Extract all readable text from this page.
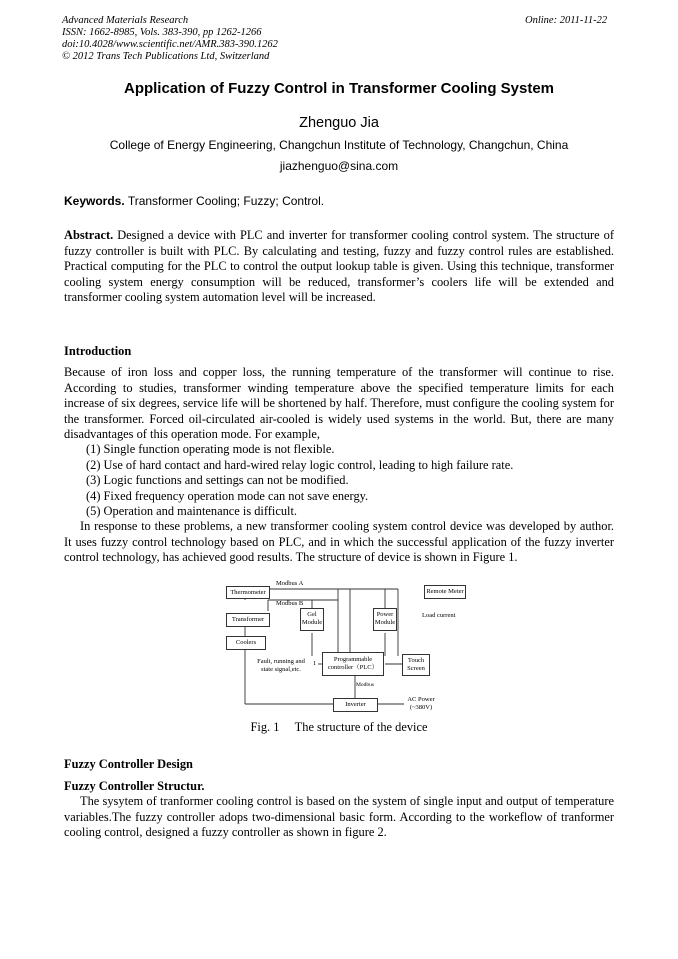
Advanced Materials Research
ISSN: 1662-8985, Vols. 383-390, pp 1262-1266
doi:10.4028/www.scientific.net/AMR.383-390.1262
© 2012 Trans Tech Publications Ltd, Switzerland
Online: 2011-11-22
Application of Fuzzy Control in Transformer Cooling System
Zhenguo Jia
College of Energy Engineering, Changchun Institute of Technology, Changchun, China
jiazhenguo@sina.com
Keywords. Transformer Cooling; Fuzzy; Control.
Abstract. Designed a device with PLC and inverter for transformer cooling control system. The structure of fuzzy controller is built with PLC. By calculating and testing, fuzzy and fuzzy control rules are established. Practical computing for the PLC to control the output lookup table is given. Using this technique, transformer cooling system energy consumption will be reduced, transformer’s coolers life will be extended and transformer cooling system automation level will be increased.
Introduction
Because of iron loss and copper loss, the running temperature of the transformer will continue to rise. According to studies, transformer winding temperature above the specified temperature limits for each increase of six degrees, service life will be shortened by half. Therefore, must configure the cooling system for the transformer. Forced oil-circulated air-cooled is widely used systems in the world. But, there are many disadvantages of this operation mode. For example,
(1) Single function operating mode is not flexible.
(2) Use of hard contact and hard-wired relay logic control, leading to high failure rate.
(3) Logic functions and settings can not be modified.
(4) Fixed frequency operation mode can not save energy.
(5) Operation and maintenance is difficult.
In response to these problems, a new transformer cooling system control device was developed by author. It uses fuzzy control technology based on PLC, and in which the successful application of the fuzzy inverter control technology, has achieved good results. The structure of device is shown in Figure 1.
Modbus A
Modbus B
Thermometer	Remote Meter
Transformer
Gel Module
Power Module
Load current
Coolers
Fault, running and state signal,etc.
1
Programmable controller（PLC）
Touch Screen
Modbus
Inverter
AC Power (~380V)
Fig. 1     The structure of the device
Fuzzy Controller Design
Fuzzy Controller Structur.
The sysytem of tranformer cooling control is based on the system of single input and output of temperature variables.The fuzzy controller adops two-dimensional basic form. According to the workeflow of tranformer cooling control, designed a fuzzy controller as shown in figure 2.
